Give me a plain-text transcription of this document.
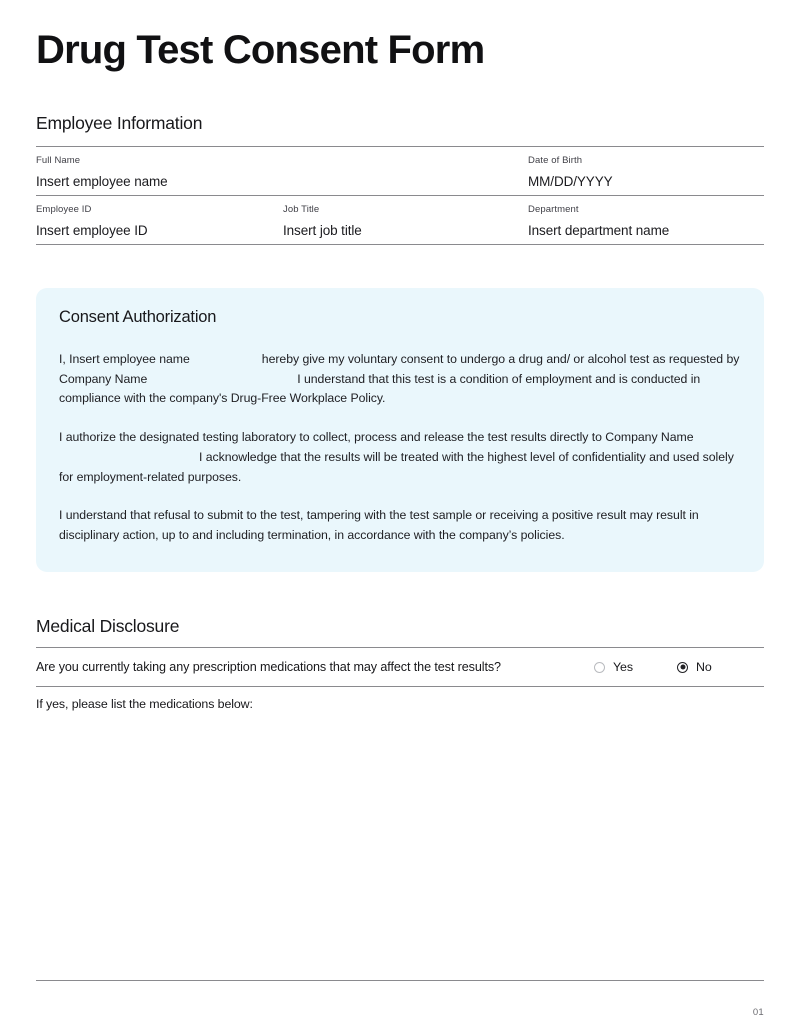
Drug Test Consent Form
Employee Information
Full Name
Insert employee name
Date of Birth
MM/DD/YYYY
Employee ID
Insert employee ID
Job Title
Insert job title
Department
Insert department name
Consent Authorization

I, Insert employee name	hereby give my voluntary consent to undergo a drug and/ or alcohol test as requested by Company Name	I understand that this test is a condition of employment and is conducted in compliance with the company's Drug-Free Workplace Policy.

I authorize the designated testing laboratory to collect, process and release the test results directly to Company NameI acknowledge that the results will be treated with the highest level of confidentiality and used solely for employment-related purposes.

I understand that refusal to submit to the test, tampering with the test sample or receiving a positive result may result in disciplinary action, up to and including termination, in accordance with the company’s policies.

Medical Disclosure
Are you currently taking any prescription medications that may affect the test results?	Yes	No
If yes, please list the medications below:
01
